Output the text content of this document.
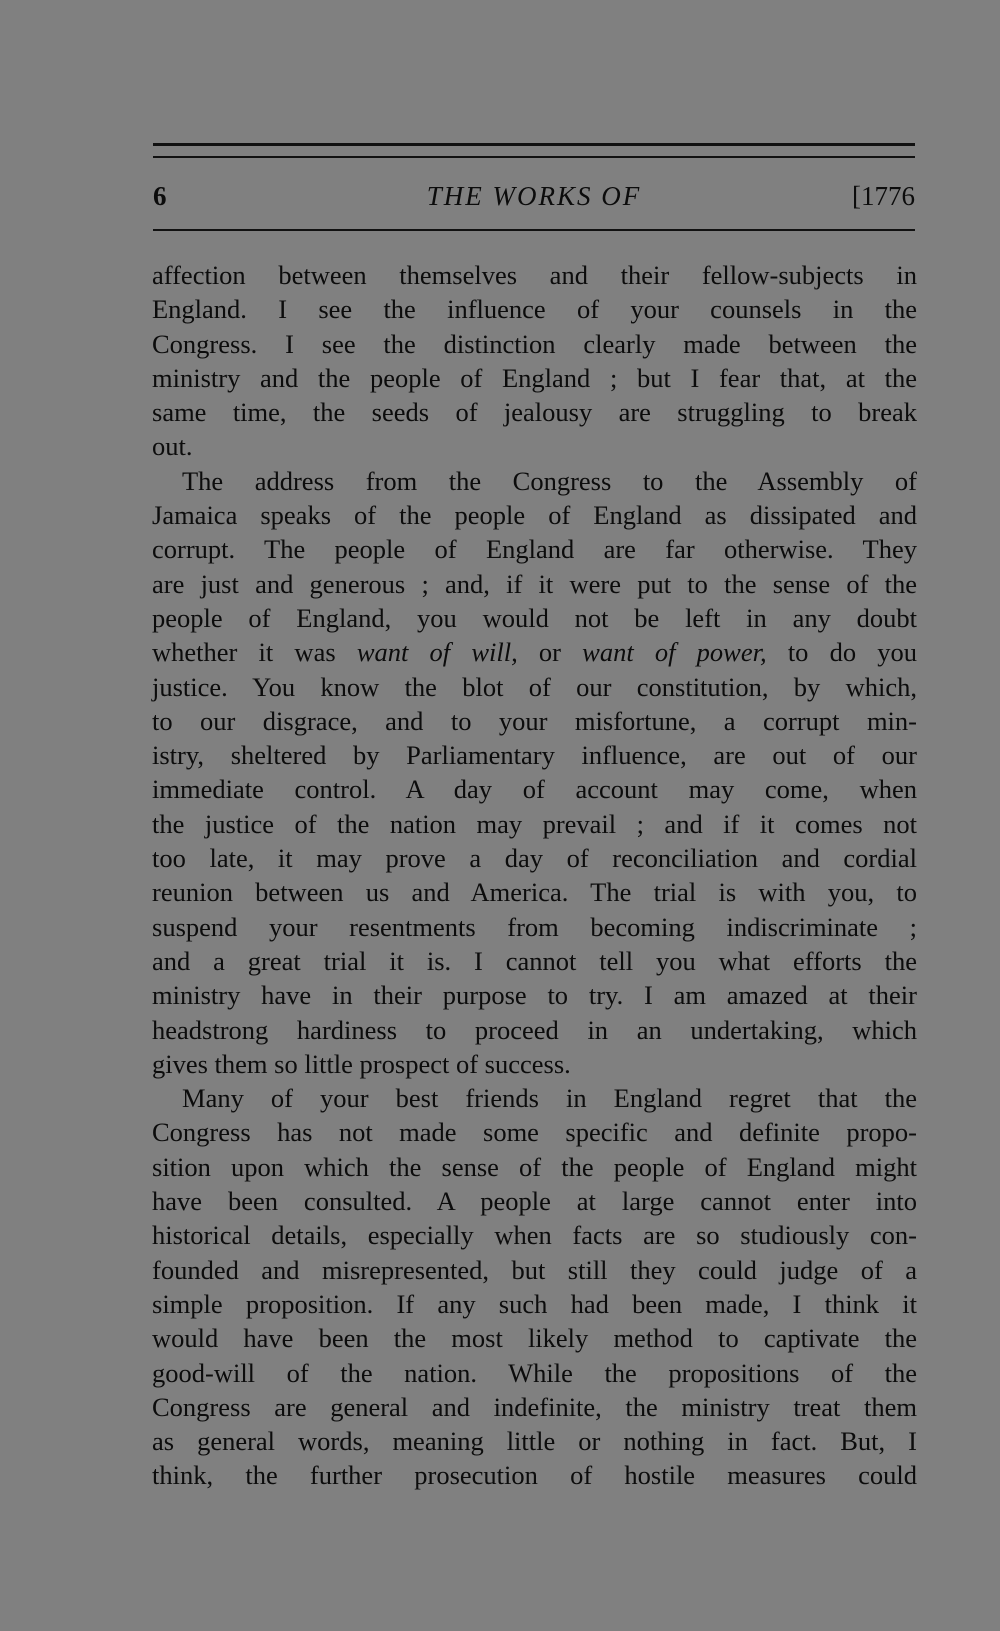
6	THE WORKS OF	[1776
affection between themselves and their fellow-subjects in
England. I see the influence of your counsels in the
Congress. I see the distinction clearly made between the
ministry and the people of England ; but I fear that, at the
same time, the seeds of jealousy are struggling to break
out.
The address from the Congress to the Assembly of
Jamaica speaks of the people of England as dissipated and
corrupt. The people of England are far otherwise. They
are just and generous ; and, if it were put to the sense of the
people of England, you would not be left in any doubt
whether it was want of will, or want of power, to do you
justice. You know the blot of our constitution, by which,
to our disgrace, and to your misfortune, a corrupt min-
istry, sheltered by Parliamentary influence, are out of our
immediate control. A day of account may come, when
the justice of the nation may prevail ; and if it comes not
too late, it may prove a day of reconciliation and cordial
reunion between us and America. The trial is with you, to
suspend your resentments from becoming indiscriminate ;
and a great trial it is. I cannot tell you what efforts the
ministry have in their purpose to try. I am amazed at their
headstrong hardiness to proceed in an undertaking, which
gives them so little prospect of success.
Many of your best friends in England regret that the
Congress has not made some specific and definite propo-
sition upon which the sense of the people of England might
have been consulted. A people at large cannot enter into
historical details, especially when facts are so studiously con-
founded and misrepresented, but still they could judge of a
simple proposition. If any such had been made, I think it
would have been the most likely method to captivate the
good-will of the nation. While the propositions of the
Congress are general and indefinite, the ministry treat them
as general words, meaning little or nothing in fact. But, I
think, the further prosecution of hostile measures could
